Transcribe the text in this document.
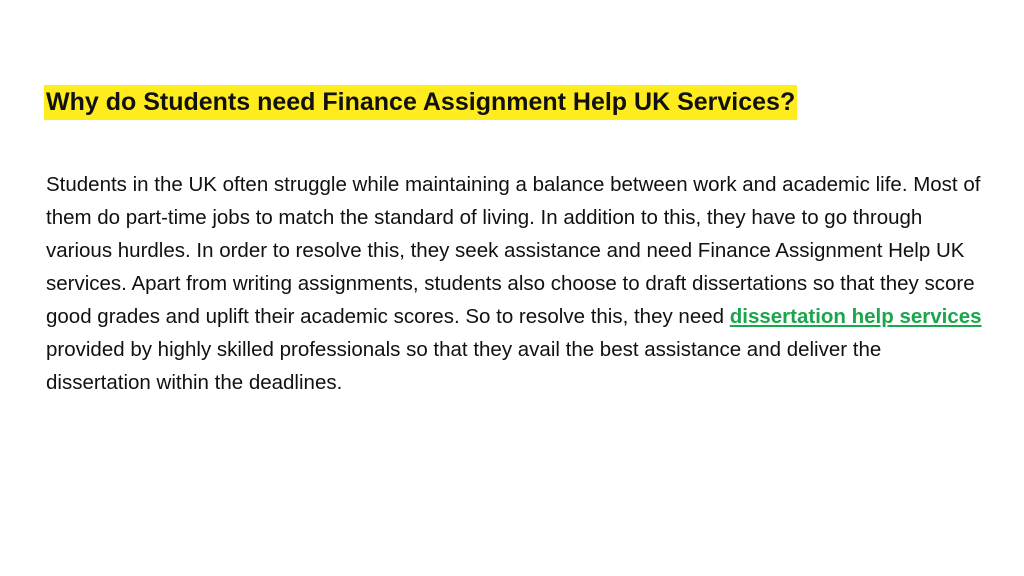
Why do Students need Finance Assignment Help UK Services?

Students in the UK often struggle while maintaining a balance between work and academic life. Most of them do part-time jobs to match the standard of living. In addition to this, they have to go through various hurdles. In order to resolve this, they seek assistance and need Finance Assignment Help UK services. Apart from writing assignments, students also choose to draft dissertations so that they score good grades and uplift their academic scores. So to resolve this, they need dissertation help services provided by highly skilled professionals so that they avail the best assistance and deliver the dissertation within the deadlines.
